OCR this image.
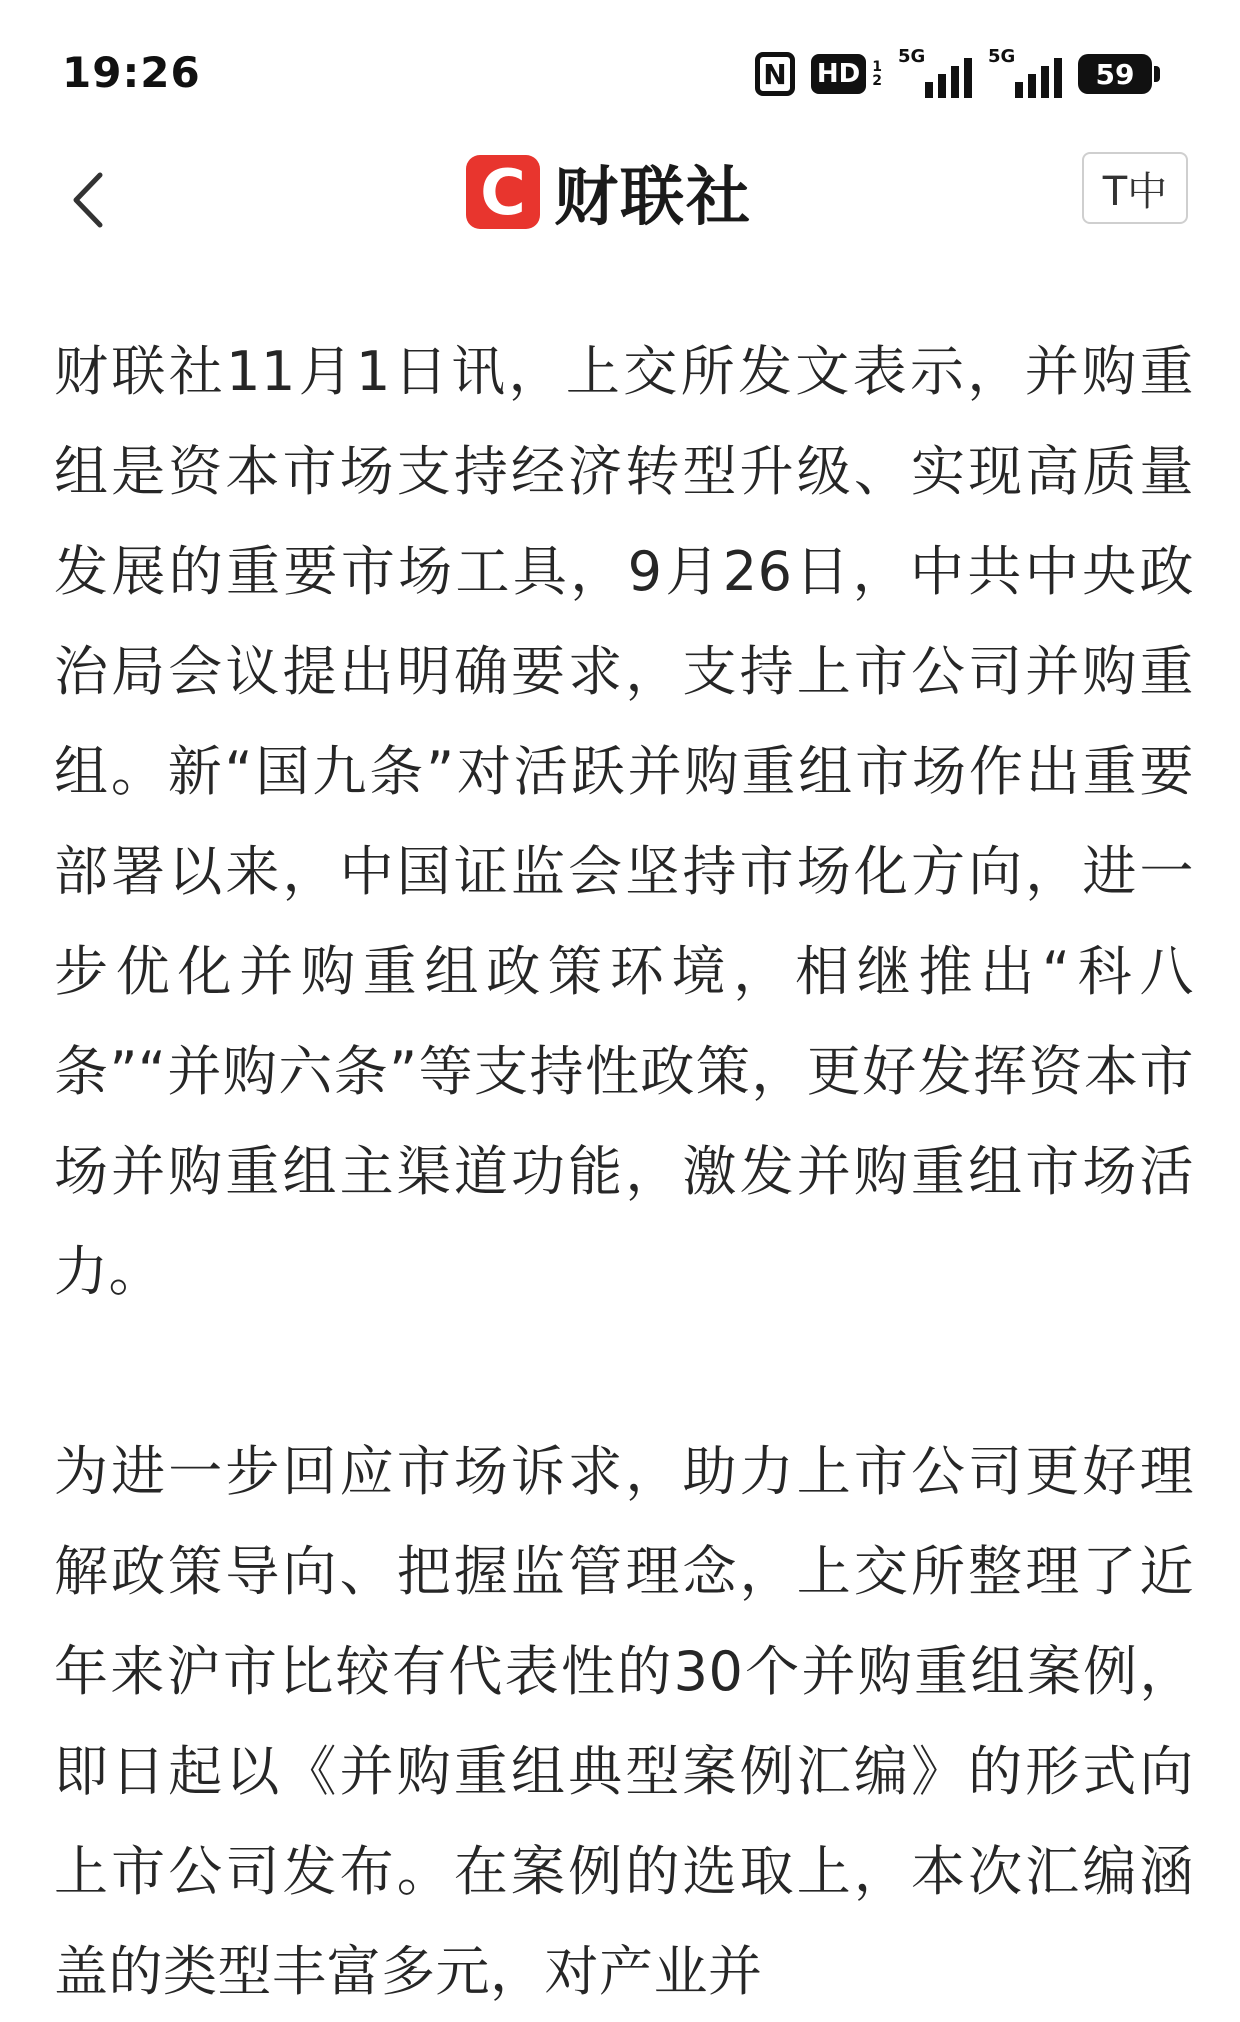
19:26	N	HD 1
2
5G	5G
59
C 财联社	T中

财联社11月1日讯，上交所发文表示，并购重组是资本市场支持经济转型升级、实现高质量发展的重要市场工具，9月26日，中共中央政治局会议提出明确要求，支持上市公司并购重组。新“国九条”对活跃并购重组市场作出重要部署以来，中国证监会坚持市场化方向，进一步优化并购重组政策环境，相继推出“科八条”“并购六条”等支持性政策，更好发挥资本市场并购重组主渠道功能，激发并购重组市场活力。

为进一步回应市场诉求，助力上市公司更好理解政策导向、把握监管理念，上交所整理了近年来沪市比较有代表性的30个并购重组案例，即日起以《并购重组典型案例汇编》的形式向上市公司发布。在案例的选取上，本次汇编涵盖的类型丰富多元，对产业并
